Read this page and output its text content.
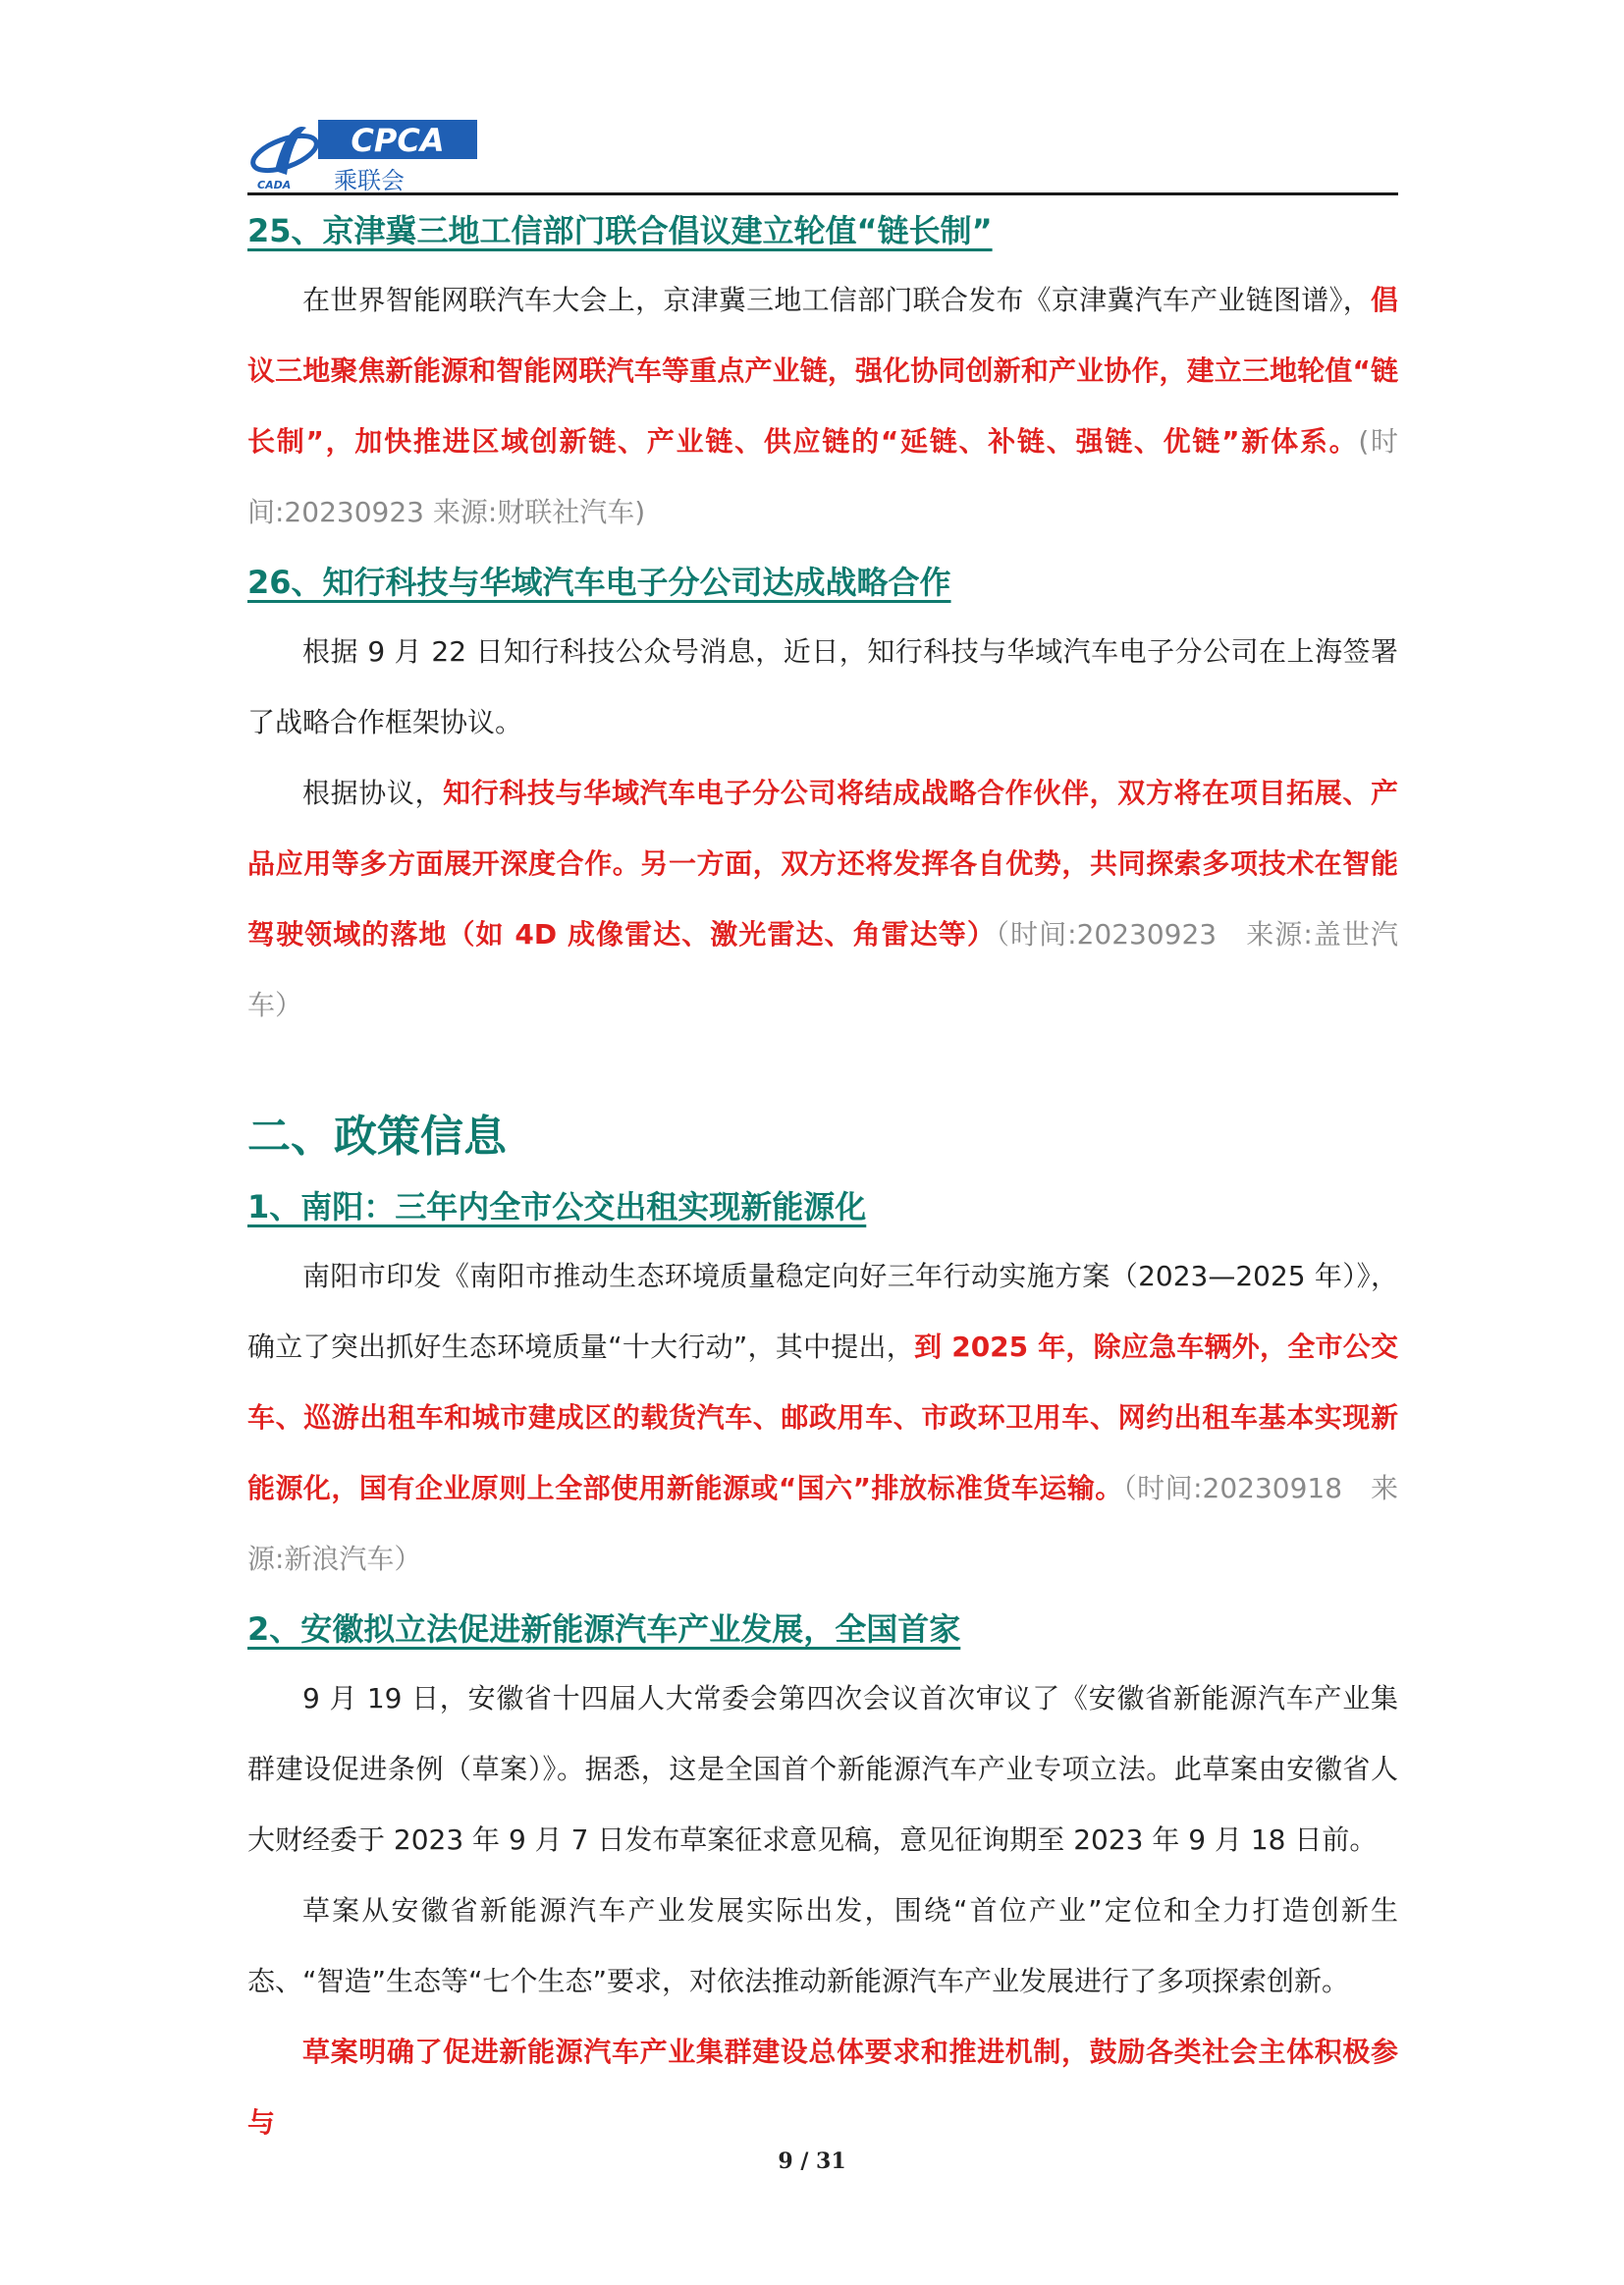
CPCA
CADA 乘联会
25、京津冀三地工信部门联合倡议建立轮值“链长制”

在世界智能网联汽车大会上，京津冀三地工信部门联合发布《京津冀汽车产业链图谱》，倡议三地聚焦新能源和智能网联汽车等重点产业链，强化协同创新和产业协作，建立三地轮值“链长制”，加快推进区域创新链、产业链、供应链的“延链、补链、强链、优链”新体系。(时间:20230923 来源:财联社汽车)

26、知行科技与华域汽车电子分公司达成战略合作

根据 9 月 22 日知行科技公众号消息，近日，知行科技与华域汽车电子分公司在上海签署了战略合作框架协议。

根据协议，知行科技与华域汽车电子分公司将结成战略合作伙伴，双方将在项目拓展、产品应用等多方面展开深度合作。另一方面，双方还将发挥各自优势，共同探索多项技术在智能驾驶领域的落地（如 4D 成像雷达、激光雷达、角雷达等）（时间:20230923　来源:盖世汽车）

二、政策信息
1、南阳：三年内全市公交出租实现新能源化

南阳市印发《南阳市推动生态环境质量稳定向好三年行动实施方案（2023—2025 年）》，确立了突出抓好生态环境质量“十大行动”，其中提出，到 2025 年，除应急车辆外，全市公交车、巡游出租车和城市建成区的载货汽车、邮政用车、市政环卫用车、网约出租车基本实现新能源化，国有企业原则上全部使用新能源或“国六”排放标准货车运输。（时间:20230918　来源:新浪汽车）

2、安徽拟立法促进新能源汽车产业发展，全国首家

9 月 19 日，安徽省十四届人大常委会第四次会议首次审议了《安徽省新能源汽车产业集群建设促进条例（草案）》。据悉，这是全国首个新能源汽车产业专项立法。此草案由安徽省人大财经委于 2023 年 9 月 7 日发布草案征求意见稿，意见征询期至 2023 年 9 月 18 日前。

草案从安徽省新能源汽车产业发展实际出发，围绕“首位产业”定位和全力打造创新生态、“智造”生态等“七个生态”要求，对依法推动新能源汽车产业发展进行了多项探索创新。

草案明确了促进新能源汽车产业集群建设总体要求和推进机制，鼓励各类社会主体积极参与

9 / 31
